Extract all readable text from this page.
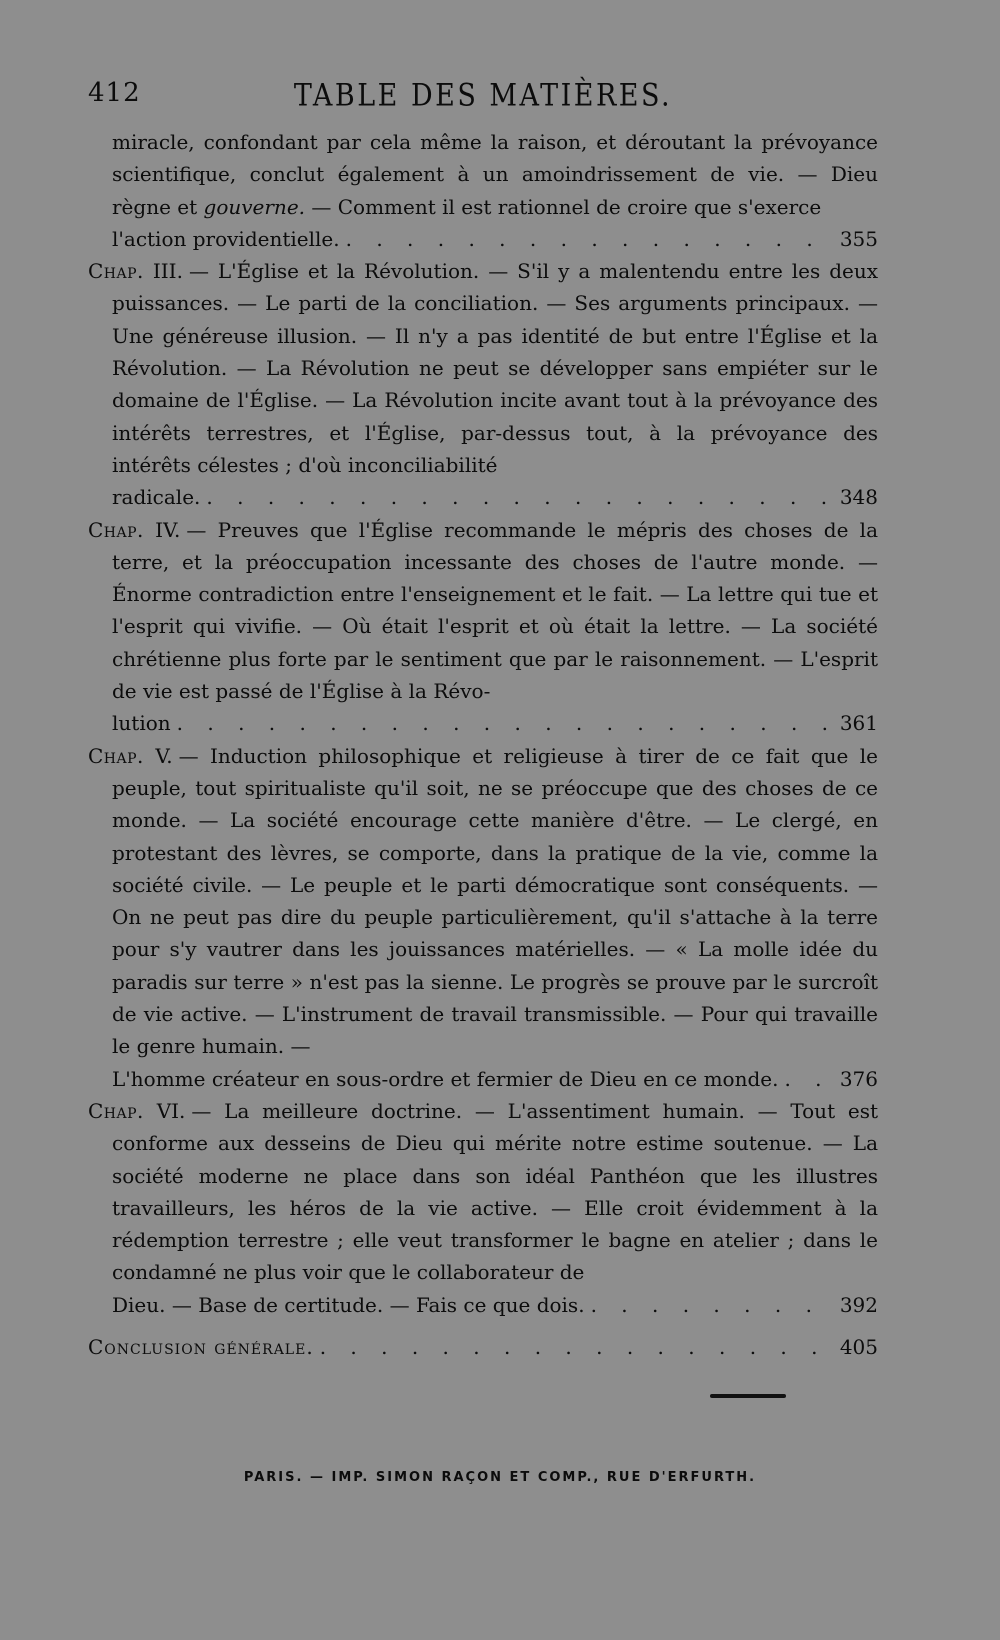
412	TABLE DES MATIÈRES.
miracle, confondant par cela même la raison, et déroutant la prévoyance scientifique, conclut également à un amoindrissement de vie. — Dieu règne et gouverne. — Comment il est rationnel de croire que s'exerce
l'action providentielle. . . .	355
Chap. III. — L'Église et la Révolution. — S'il y a malentendu entre les deux puissances. — Le parti de la conciliation. — Ses arguments principaux. — Une généreuse illusion. — Il n'y a pas identité de but entre l'Église et la Révolution. — La Révolution ne peut se développer sans empiéter sur le domaine de l'Église. — La Révolution incite avant tout à la prévoyance des intérêts terrestres, et l'Église, par-dessus tout, à la prévoyance des intérêts célestes ; d'où inconciliabilité
radicale. . . .	348
Chap. IV. — Preuves que l'Église recommande le mépris des choses de la terre, et la préoccupation incessante des choses de l'autre monde. — Énorme contradiction entre l'enseignement et le fait. — La lettre qui tue et l'esprit qui vivifie. — Où était l'esprit et où était la lettre. — La société chrétienne plus forte par le sentiment que par le raisonnement. — L'esprit de vie est passé de l'Église à la Révo-
lution . . .	361
Chap. V. — Induction philosophique et religieuse à tirer de ce fait que le peuple, tout spiritualiste qu'il soit, ne se préoccupe que des choses de ce monde. — La société encourage cette manière d'être. — Le clergé, en protestant des lèvres, se comporte, dans la pratique de la vie, comme la société civile. — Le peuple et le parti démocratique sont conséquents. — On ne peut pas dire du peuple particulièrement, qu'il s'attache à la terre pour s'y vautrer dans les jouissances matérielles. — « La molle idée du paradis sur terre » n'est pas la sienne. Le progrès se prouve par le surcroît de vie active. — L'instrument de travail transmissible. — Pour qui travaille le genre humain. —
L'homme créateur en sous-ordre et fermier de Dieu en ce monde. . . .	376
Chap. VI. — La meilleure doctrine. — L'assentiment humain. — Tout est conforme aux desseins de Dieu qui mérite notre estime soutenue. — La société moderne ne place dans son idéal Panthéon que les illustres travailleurs, les héros de la vie active. — Elle croit évidemment à la rédemption terrestre ; elle veut transformer le bagne en atelier ; dans le condamné ne plus voir que le collaborateur de
Dieu. — Base de certitude. — Fais ce que dois. . . .	392
Conclusion générale. . . .	405
PARIS. — IMP. SIMON RAÇON ET COMP., RUE D'ERFURTH.
